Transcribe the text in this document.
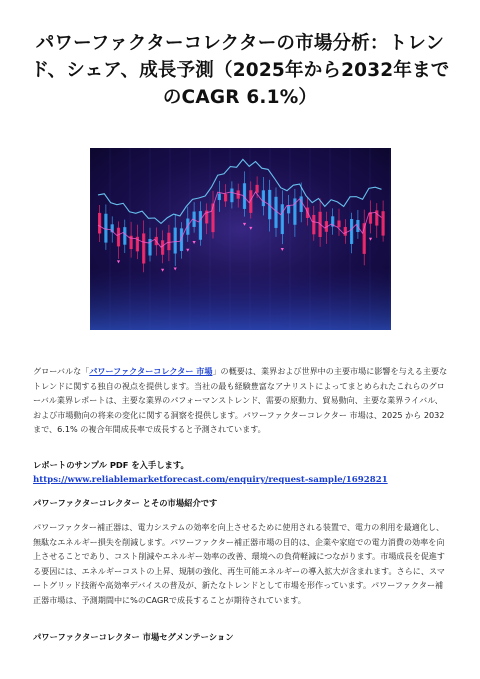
パワーファクターコレクターの市場分析：トレンド、シェア、成長予測（2025年から2032年までのCAGR 6.1%）

グローバルな「パワーファクターコレクター 市場」の概要は、業界および世界中の主要市場に影響を与える主要なトレンドに関する独自の視点を提供します。当社の最も経験豊富なアナリストによってまとめられたこれらのグローバル業界レポートは、主要な業界のパフォーマンストレンド、需要の原動力、貿易動向、主要な業界ライバル、および市場動向の将来の変化に関する洞察を提供します。パワーファクターコレクター 市場は、2025 から 2032 まで、6.1% の複合年間成長率で成長すると予測されています。

レポートのサンプル PDF を入手します。

https://www.reliablemarketforecast.com/enquiry/request-sample/1692821

パワーファクターコレクター とその市場紹介です

パワーファクター補正器は、電力システムの効率を向上させるために使用される装置で、電力の利用を最適化し、無駄なエネルギー損失を削減します。パワーファクター補正器市場の目的は、企業や家庭での電力消費の効率を向上させることであり、コスト削減やエネルギー効率の改善、環境への負荷軽減につながります。市場成長を促進する要因には、エネルギーコストの上昇、規制の強化、再生可能エネルギーの導入拡大が含まれます。さらに、スマートグリッド技術や高効率デバイスの普及が、新たなトレンドとして市場を形作っています。パワーファクター補正器市場は、予測期間中に%のCAGRで成長することが期待されています。

パワーファクターコレクター 市場セグメンテーション
